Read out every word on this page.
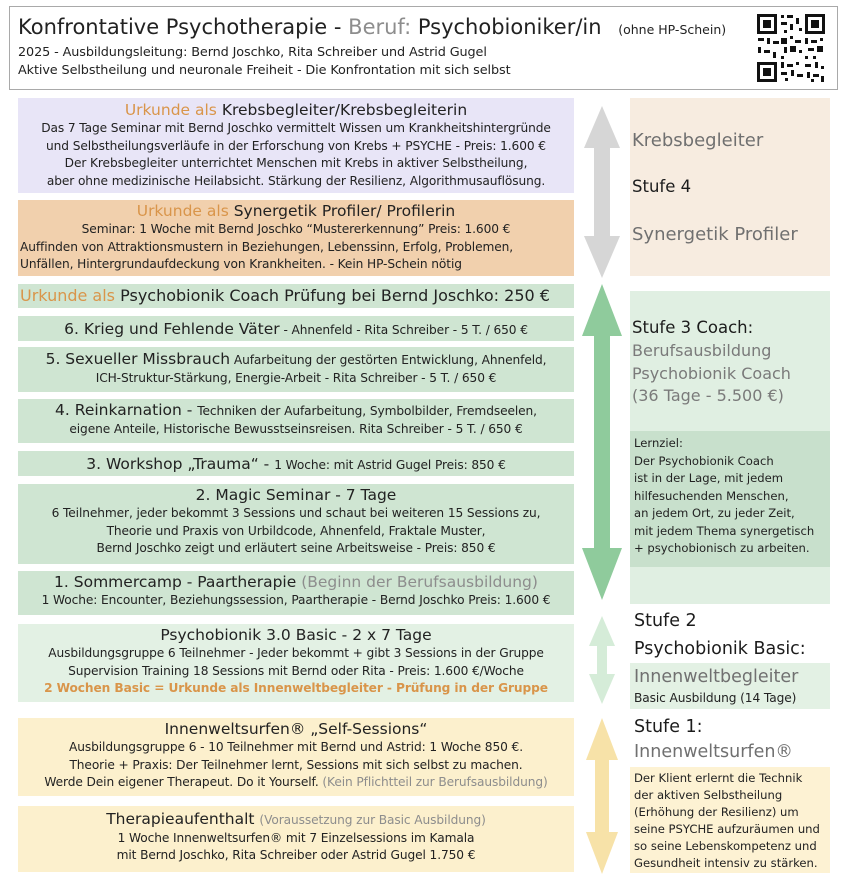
Konfrontative Psychotherapie - Beruf: Psychobioniker/in (ohne HP-Schein)
2025 - Ausbildungsleitung: Bernd Joschko, Rita Schreiber und Astrid Gugel
Aktive Selbstheilung und neuronale Freiheit - Die Konfrontation mit sich selbst
Urkunde als Krebsbegleiter/Krebsbegleiterin
Das 7 Tage Seminar mit Bernd Joschko vermittelt Wissen um Krankheitshintergründe
und Selbstheilungsverläufe in der Erforschung von Krebs + PSYCHE - Preis: 1.600 €
Der Krebsbegleiter unterrichtet Menschen mit Krebs in aktiver Selbstheilung,
aber ohne medizinische Heilabsicht. Stärkung der Resilienz, Algorithmusauflösung.
Urkunde als Synergetik Profiler/ Profilerin
Seminar: 1 Woche mit Bernd Joschko “Mustererkennung” Preis: 1.600 €
Auffinden von Attraktionsmustern in Beziehungen, Lebenssinn, Erfolg, Problemen,
Unfällen, Hintergrundaufdeckung von Krankheiten. - Kein HP-Schein nötig
Urkunde als Psychobionik Coach Prüfung bei Bernd Joschko: 250 €
6. Krieg und Fehlende Väter - Ahnenfeld - Rita Schreiber - 5 T. / 650 €
5. Sexueller Missbrauch Aufarbeitung der gestörten Entwicklung, Ahnenfeld,
ICH-Struktur-Stärkung, Energie-Arbeit - Rita Schreiber - 5 T. / 650 €
4. Reinkarnation - Techniken der Aufarbeitung, Symbolbilder, Fremdseelen,
eigene Anteile, Historische Bewusstseinsreisen. Rita Schreiber - 5 T. / 650 €
3. Workshop „Trauma“ - 1 Woche: mit Astrid Gugel Preis: 850 €
2. Magic Seminar - 7 Tage
6 Teilnehmer, jeder bekommt 3 Sessions und schaut bei weiteren 15 Sessions zu,
Theorie und Praxis von Urbildcode, Ahnenfeld, Fraktale Muster,
Bernd Joschko zeigt und erläutert seine Arbeitsweise - Preis: 850 €
1. Sommercamp - Paartherapie (Beginn der Berufsausbildung)
1 Woche: Encounter, Beziehungssession, Paartherapie - Bernd Joschko Preis: 1.600 €
Psychobionik 3.0 Basic - 2 x 7 Tage
Ausbildungsgruppe 6 Teilnehmer - Jeder bekommt + gibt 3 Sessions in der Gruppe
Supervision Training 18 Sessions mit Bernd oder Rita - Preis: 1.600 €/Woche
2 Wochen Basic = Urkunde als Innenweltbegleiter - Prüfung in der Gruppe
Innenweltsurfen® „Self-Sessions“
Ausbildungsgruppe 6 - 10 Teilnehmer mit Bernd und Astrid: 1 Woche 850 €.
Theorie + Praxis: Der Teilnehmer lernt, Sessions mit sich selbst zu machen.
Werde Dein eigener Therapeut. Do it Yourself. (Kein Pflichtteil zur Berufsausbildung)
Therapieaufenthalt (Voraussetzung zur Basic Ausbildung)
1 Woche Innenweltsurfen® mit 7 Einzelsessions im Kamala
mit Bernd Joschko, Rita Schreiber oder Astrid Gugel 1.750 €
Krebsbegleiter
Stufe 4
Synergetik Profiler
Stufe 3 Coach:
Berufsausbildung
Psychobionik Coach
(36 Tage - 5.500 €)
Lernziel:
Der Psychobionik Coach
ist in der Lage, mit jedem
hilfesuchenden Menschen,
an jedem Ort, zu jeder Zeit,
mit jedem Thema synergetisch
+ psychobionisch zu arbeiten.
Stufe 2
Psychobionik Basic:
Innenweltbegleiter
Basic Ausbildung (14 Tage)
Stufe 1:
Innenweltsurfen®
Der Klient erlernt die Technik
der aktiven Selbstheilung
(Erhöhung der Resilienz) um
seine PSYCHE aufzuräumen und
so seine Lebenskompetenz und
Gesundheit intensiv zu stärken.
